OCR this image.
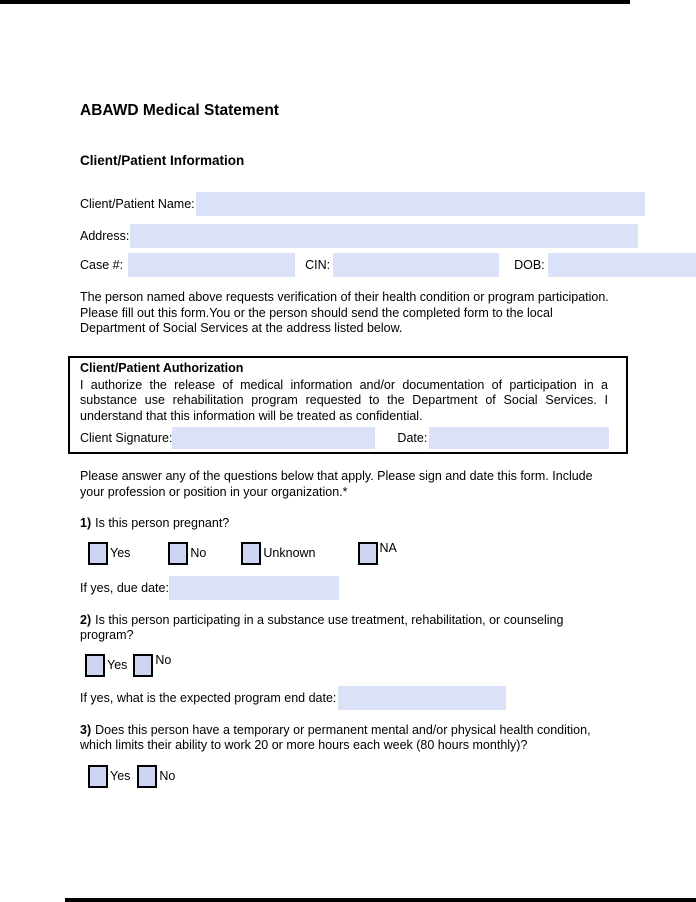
ABAWD Medical Statement
Client/Patient Information
Client/Patient Name:
Address:
Case #:	CIN:	DOB:

The person named above requests verification of their health condition or program participation. Please fill out this form.You or the person should send the completed form to the local Department of Social Services at the address listed below.

Client/Patient Authorization

I authorize the release of medical information and/or documentation of participation in a substance use rehabilitation program requested to the Department of Social Services. I understand that this information will be treated as confidential.

Client Signature:	Date:

Please answer any of the questions below that apply. Please sign and date this form. Include your profession or position in your organization.*

1) Is this person pregnant?
Yes	No	Unknown	NA
If yes, due date:
2) Is this person participating in a substance use treatment, rehabilitation, or counseling program?
Yes No
If yes, what is the expected program end date:
3) Does this person have a temporary or permanent mental and/or physical health condition, which limits their ability to work 20 or more hours each week (80 hours monthly)?
Yes No
